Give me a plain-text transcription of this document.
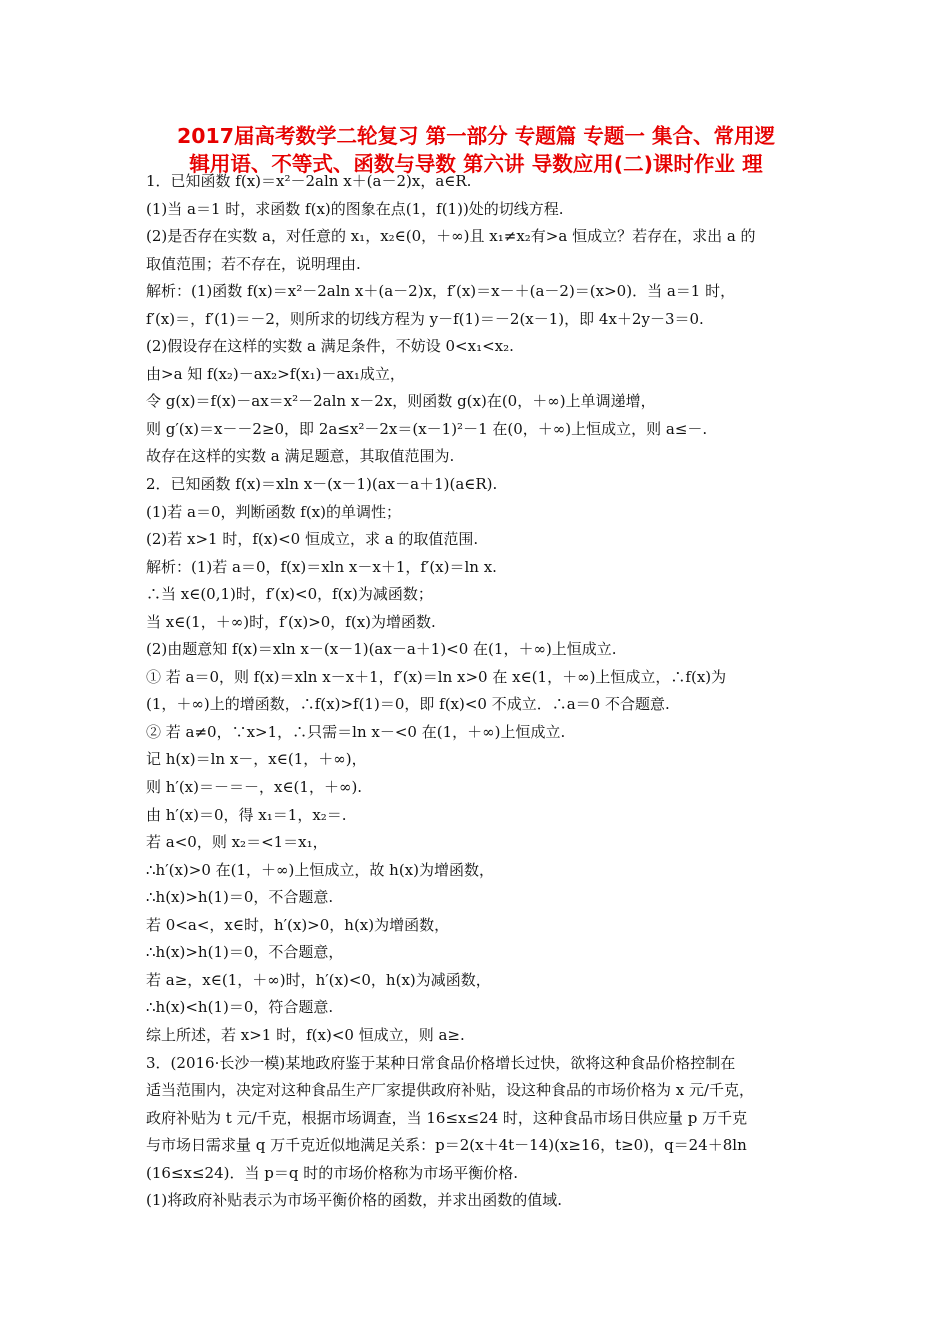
2017届高考数学二轮复习 第一部分 专题篇 专题一 集合、常用逻
辑用语、不等式、函数与导数 第六讲 导数应用(二)课时作业 理
1．已知函数 f(x)＝x²－2aln x＋(a－2)x，a∈R.
(1)当 a＝1 时，求函数 f(x)的图象在点(1，f(1))处的切线方程.
(2)是否存在实数 a，对任意的 x₁，x₂∈(0，＋∞)且 x₁≠x₂有>a 恒成立？若存在，求出 a 的
取值范围；若不存在，说明理由.
解析：(1)函数 f(x)＝x²－2aln x＋(a－2)x，f′(x)＝x－＋(a－2)＝(x>0)．当 a＝1 时，
f′(x)＝，f′(1)＝－2，则所求的切线方程为 y－f(1)＝－2(x－1)，即 4x＋2y－3＝0.
(2)假设存在这样的实数 a 满足条件，不妨设 0<x₁<x₂.
由>a 知 f(x₂)－ax₂>f(x₁)－ax₁成立，
令 g(x)＝f(x)－ax＝x²－2aln x－2x，则函数 g(x)在(0，＋∞)上单调递增，
则 g′(x)＝x－－2≥0，即 2a≤x²－2x＝(x－1)²－1 在(0，＋∞)上恒成立，则 a≤－.
故存在这样的实数 a 满足题意，其取值范围为.
2．已知函数 f(x)＝xln x－(x－1)(ax－a＋1)(a∈R).
(1)若 a＝0，判断函数 f(x)的单调性；
(2)若 x>1 时，f(x)<0 恒成立，求 a 的取值范围.
解析：(1)若 a＝0，f(x)＝xln x－x＋1，f′(x)＝ln x.
∴当 x∈(0,1)时，f′(x)<0，f(x)为减函数；
当 x∈(1，＋∞)时，f′(x)>0，f(x)为增函数.
(2)由题意知 f(x)＝xln x－(x－1)(ax－a＋1)<0 在(1，＋∞)上恒成立.
① 若 a＝0，则 f(x)＝xln x－x＋1，f′(x)＝ln x>0 在 x∈(1，＋∞)上恒成立，∴f(x)为
(1，＋∞)上的增函数，∴f(x)>f(1)＝0，即 f(x)<0 不成立．∴a＝0 不合题意.
② 若 a≠0，∵x>1，∴只需＝ln x－<0 在(1，＋∞)上恒成立.
记 h(x)＝ln x－，x∈(1，＋∞)，
则 h′(x)＝－＝－，x∈(1，＋∞).
由 h′(x)＝0，得 x₁＝1，x₂＝.
若 a<0，则 x₂＝<1＝x₁，
∴h′(x)>0 在(1，＋∞)上恒成立，故 h(x)为增函数，
∴h(x)>h(1)＝0，不合题意.
若 0<a<，x∈时，h′(x)>0，h(x)为增函数，
∴h(x)>h(1)＝0，不合题意，
若 a≥，x∈(1，＋∞)时，h′(x)<0，h(x)为减函数，
∴h(x)<h(1)＝0，符合题意.
综上所述，若 x>1 时，f(x)<0 恒成立，则 a≥.
3．(2016·长沙一模)某地政府鉴于某种日常食品价格增长过快，欲将这种食品价格控制在
适当范围内，决定对这种食品生产厂家提供政府补贴，设这种食品的市场价格为 x 元/千克，
政府补贴为 t 元/千克，根据市场调查，当 16≤x≤24 时，这种食品市场日供应量 p 万千克
与市场日需求量 q 万千克近似地满足关系：p＝2(x＋4t－14)(x≥16，t≥0)，q＝24＋8ln
(16≤x≤24)．当 p＝q 时的市场价格称为市场平衡价格.
(1)将政府补贴表示为市场平衡价格的函数，并求出函数的值域.
